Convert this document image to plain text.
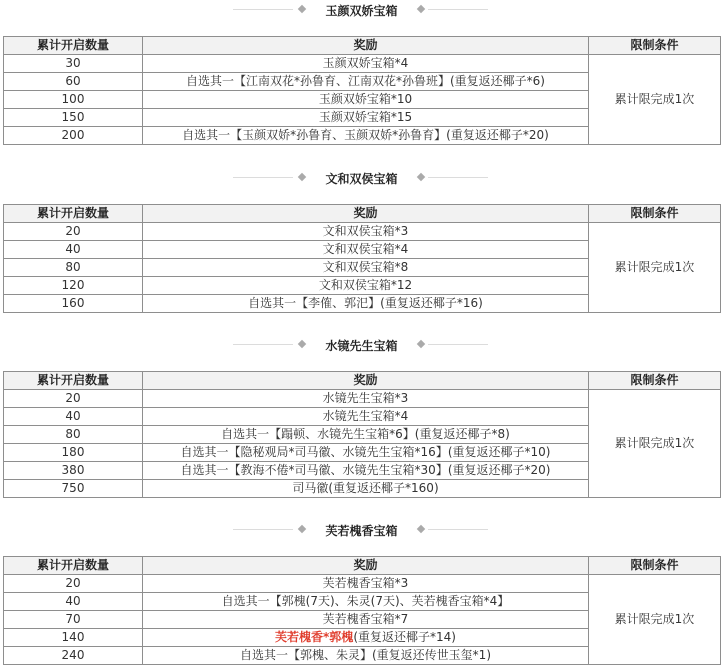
玉颜双娇宝箱
累计开启数量	奖励	限制条件
30	玉颜双娇宝箱*4	累计限完成1次
60	自选其一【江南双花*孙鲁育、江南双花*孙鲁班】(重复返还椰子*6)	
100	玉颜双娇宝箱*10	
150	玉颜双娇宝箱*15	
200	自选其一【玉颜双娇*孙鲁育、玉颜双娇*孙鲁育】(重复返还椰子*20)	
文和双侯宝箱
累计开启数量	奖励	限制条件
20	文和双侯宝箱*3	累计限完成1次
40	文和双侯宝箱*4	
80	文和双侯宝箱*8	
120	文和双侯宝箱*12	
160	自选其一【李傕、郭汜】(重复返还椰子*16)	
水镜先生宝箱
累计开启数量	奖励	限制条件
20	水镜先生宝箱*3	累计限完成1次
40	水镜先生宝箱*4	
80	自选其一【蹋顿、水镜先生宝箱*6】(重复返还椰子*8)	
180	自选其一【隐秘观局*司马徽、水镜先生宝箱*16】(重复返还椰子*10)	
380	自选其一【教海不倦*司马徽、水镜先生宝箱*30】(重复返还椰子*20)	
750	司马徽(重复返还椰子*160)	
芙若槐香宝箱
累计开启数量	奖励	限制条件
20	芙若槐香宝箱*3	累计限完成1次
40	自选其一【郭槐(7天)、朱灵(7天)、芙若槐香宝箱*4】	
70	芙若槐香宝箱*7	
140	芙若槐香*郭槐(重复返还椰子*14)	
240	自选其一【郭槐、朱灵】(重复返还传世玉玺*1)	
